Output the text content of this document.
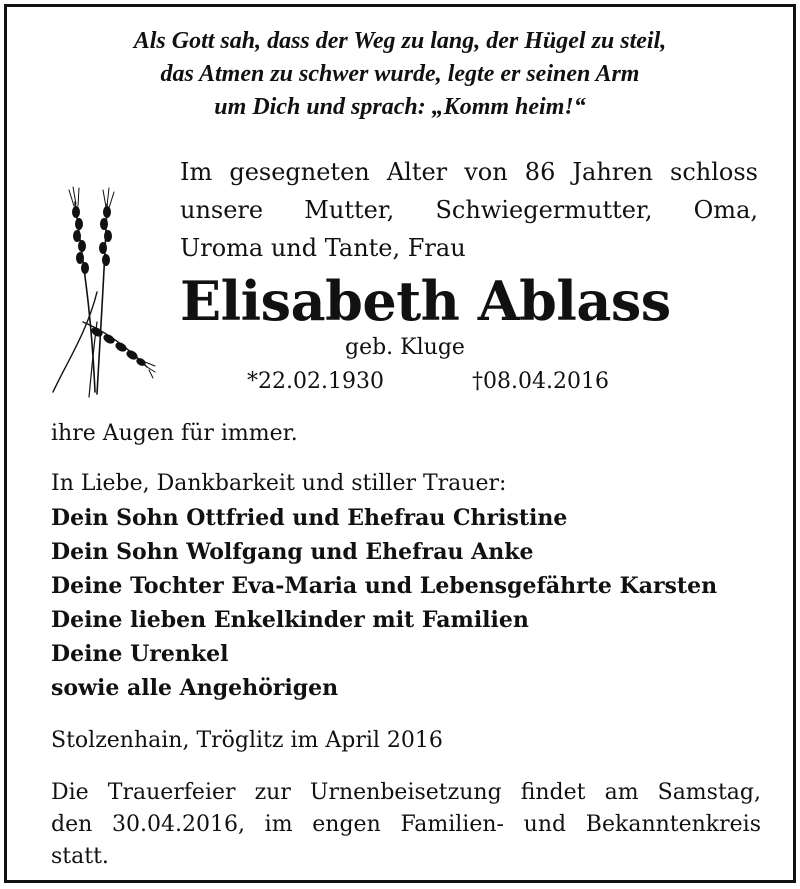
Als Gott sah, dass der Weg zu lang, der Hügel zu steil,
das Atmen zu schwer wurde, legte er seinen Arm
um Dich und sprach: „Komm heim!“
Im gesegneten Alter von 86 Jahren schloss
unsere Mutter, Schwiegermutter, Oma,
Uroma und Tante, Frau
Elisabeth Ablass
geb. Kluge
*22.02.1930	†08.04.2016
ihre Augen für immer.
In Liebe, Dankbarkeit und stiller Trauer:
Dein Sohn Ottfried und Ehefrau Christine
Dein Sohn Wolfgang und Ehefrau Anke
Deine Tochter Eva-Maria und Lebensgefährte Karsten
Deine lieben Enkelkinder mit Familien
Deine Urenkel
sowie alle Angehörigen
Stolzenhain, Tröglitz im April 2016
Die Trauerfeier zur Urnenbeisetzung findet am Samstag,
den 30.04.2016, im engen Familien- und Bekanntenkreis
statt.
